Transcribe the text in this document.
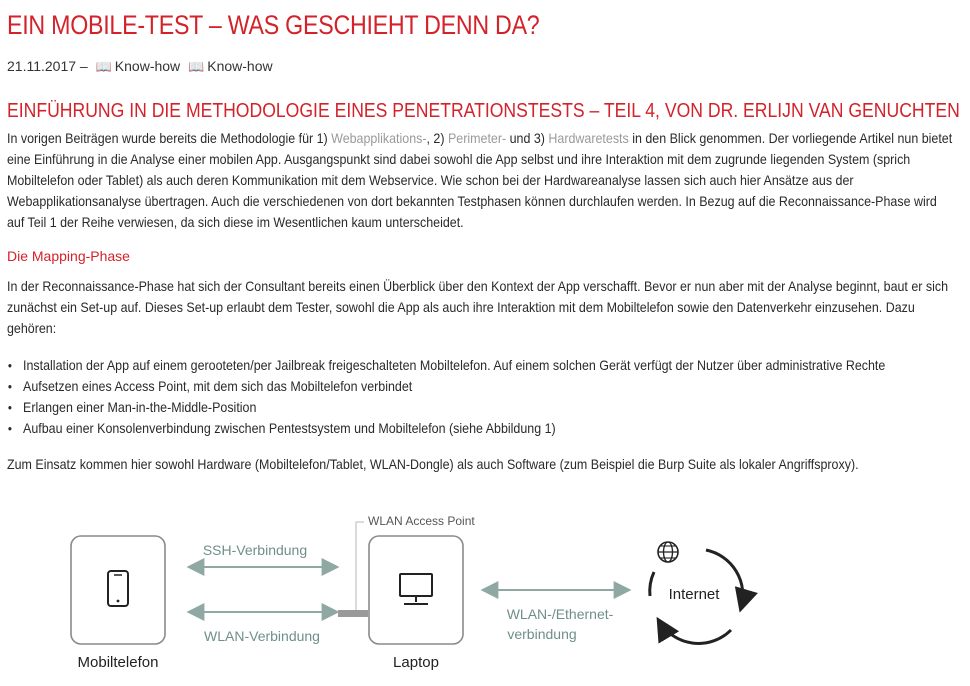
EIN MOBILE-TEST – WAS GESCHIEHT DENN DA?
21.11.2017 – 📖 Know-how 📖 Know-how
EINFÜHRUNG IN DIE METHODOLOGIE EINES PENETRATIONSTESTS – TEIL 4, VON DR. ERLIJN VAN GENUCHTEN

In vorigen Beiträgen wurde bereits die Methodologie für 1) Webapplikations-, 2) Perimeter- und 3) Hardwaretests in den Blick genommen. Der vorliegende Artikel nun bietet eine Einführung in die Analyse einer mobilen App. Ausgangspunkt sind dabei sowohl die App selbst und ihre Interaktion mit dem zugrunde liegenden System (sprich Mobiltelefon oder Tablet) als auch deren Kommunikation mit dem Webservice. Wie schon bei der Hardwareanalyse lassen sich auch hier Ansätze aus der Webapplikationsanalyse übertragen. Auch die verschiedenen von dort bekannten Testphasen können durchlaufen werden. In Bezug auf die Reconnaissance-Phase wird auf Teil 1 der Reihe verwiesen, da sich diese im Wesentlichen kaum unterscheidet.

Die Mapping-Phase

In der Reconnaissance-Phase hat sich der Consultant bereits einen Überblick über den Kontext der App verschafft. Bevor er nun aber mit der Analyse beginnt, baut er sich zunächst ein Set-up auf. Dieses Set-up erlaubt dem Tester, sowohl die App als auch ihre Interaktion mit dem Mobiltelefon sowie den Datenverkehr einzusehen. Dazu gehören:

• Installation der App auf einem gerooteten/per Jailbreak freigeschalteten Mobiltelefon. Auf einem solchen Gerät verfügt der Nutzer über administrative Rechte
• Aufsetzen eines Access Point, mit dem sich das Mobiltelefon verbindet
• Erlangen einer Man-in-the-Middle-Position
• Aufbau einer Konsolenverbindung zwischen Pentestsystem und Mobiltelefon (siehe Abbildung 1)

Zum Einsatz kommen hier sowohl Hardware (Mobiltelefon/Tablet, WLAN-Dongle) als auch Software (zum Beispiel die Burp Suite als lokaler Angriffsproxy).

Mobiltelefon
SSH-Verbindung
WLAN-Verbindung
WLAN Access Point
Laptop
WLAN-/Ethernet-
verbindung
Internet
